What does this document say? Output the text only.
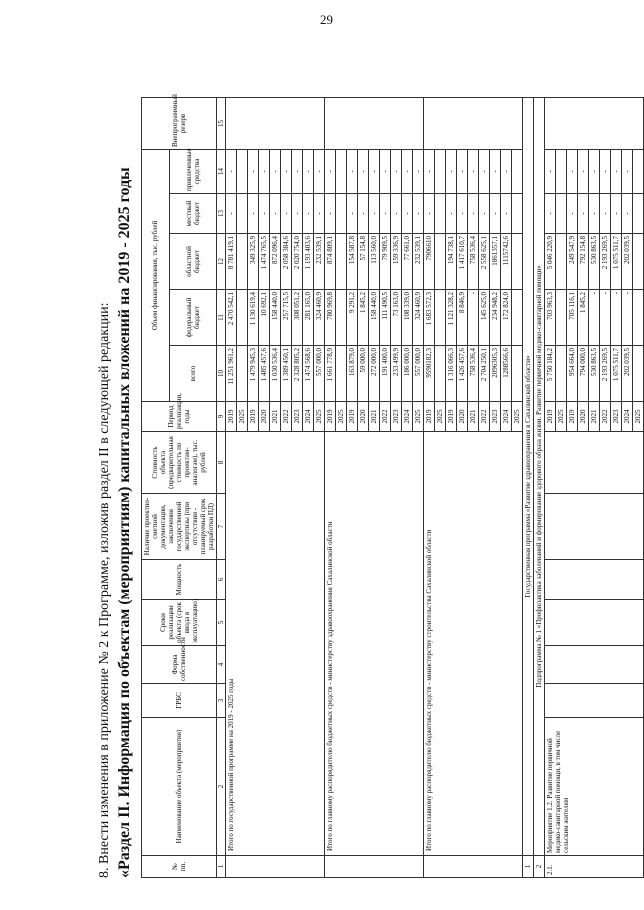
29

8. Внести изменения в приложение № 2 к Программе, изложив раздел II в следующей редакции: «Раздел II. Информация по объектам (мероприятиям) капитальных вложений на 2019 - 2025 годы	№ пп.	Наименование объекта (мероприятия)	ГРБС	Форма собственности	Сроки реализации объекта (срок ввода в эксплуатацию)	Мощность	Наличие проектно-сметной документации, заключения государственной экспертизы (при отсутствии - планируемый срок разработки ПД)	Стоимость объекта (предварительная стоимость по проектам-аналогам), тыс. рублей	Период реализации, годы	Объем финансирования, тыс. рублей					Внепрограммный резерв
									всего	федеральный бюджет	областной бюджет	местный бюджет	привлеченные средства	
1	2	3	4	5	6	7	8	9	10	11	12	13	14	15
	Итого по государственной программе на 2019 - 2025 годы							2019	11 251 961,2	2 470 542,1	8 781 419,1	-	-	
								2025						
								2019	1 479 945,3	1 130 619,4	349 325,9	-	-	
								2020	1 485 457,6	10 692,1	1 474 765,5	-	-	
								2021	1 030 536,4	158 440,0	872 096,4	-	-	
								2022	1 389 450,1	257 715,5	2 058 384,6	-	-	
								2023	2 328 805,2	308 051,2	2 020 754,0	-	-	
								2024	1 474 568,6	281 165,0	1 193 403,6	-	-	
								2025	557 000,0	324 460,9	232 539,1	-	-	
	Итого по главному распорядителю бюджетных средств - министерству здравоохранения Сахалинской области							2019	1 661 778,9	780 969,8	874 809,1	-	-	
								2025						
								2019	163 879,0	9 291,2	154 587,8	-	-	
								2020	59 000,0	1 845,2	57 154,8	-	-	
								2021	272 000,0	158 440,0	113 560,0	-	-	
								2022	191 400,0	111 490,5	79 909,5	-	-	
								2023	233 499,9	73 163,0	159 336,9	-	-	
								2024	186 000,0	108 339,0	77 661,0	-	-	
								2025	557 000,0	324 460,9	232 539,1	-	-	
	Итого по главному распорядителю бюджетных средств - министерству строительства Сахалинской области							2019	9590182,3	1 683 572,3	7906610	-	-	
								2025						
								2019	1 316 066,3	1 121 328,2	194 738,1	-	-	
								2020	1 426 457,6	8 846,9	1 417 610,7	-	-	
								2021	758 536,4	-	758 536,4	-	-	
								2022	2 704 250,1	145 625,0	2 558 625,1	-	-	
								2023	2096305,3	234 948,2	1861357,1	-	-	
								2024	1288566,6	172 824,0	1115742,6	-	-	
								2025						
1	Государственная программа «Развитие здравоохранения в Сахалинской области»													
2	Подпрограмма № 1 «Профилактика заболеваний и формирование здорового образа жизни. Развитие первичной медико-санитарной помощи»													
2.1.	Мероприятие 1.2. Развитие первичной медико-санитарной помощи, в том числе сельским жителям							2019	5 750 184,2	703 963,3	5 046 220,9	-	-	
								2025						
								2019	954 664,0	705 116,1	249 547,9	-	-	
								2020	794 000,0	1 845,2	792 154,8	-	-	
								2021	530 863,5	-	530 863,5	-	-	
								2022	2 193 269,5	-	2 193 269,5	-	-	
								2023	1 075 511,7	-	1 075 511,7	-	-	
								2024	202 039,5	-	202 039,5	-	-	
								2025						
